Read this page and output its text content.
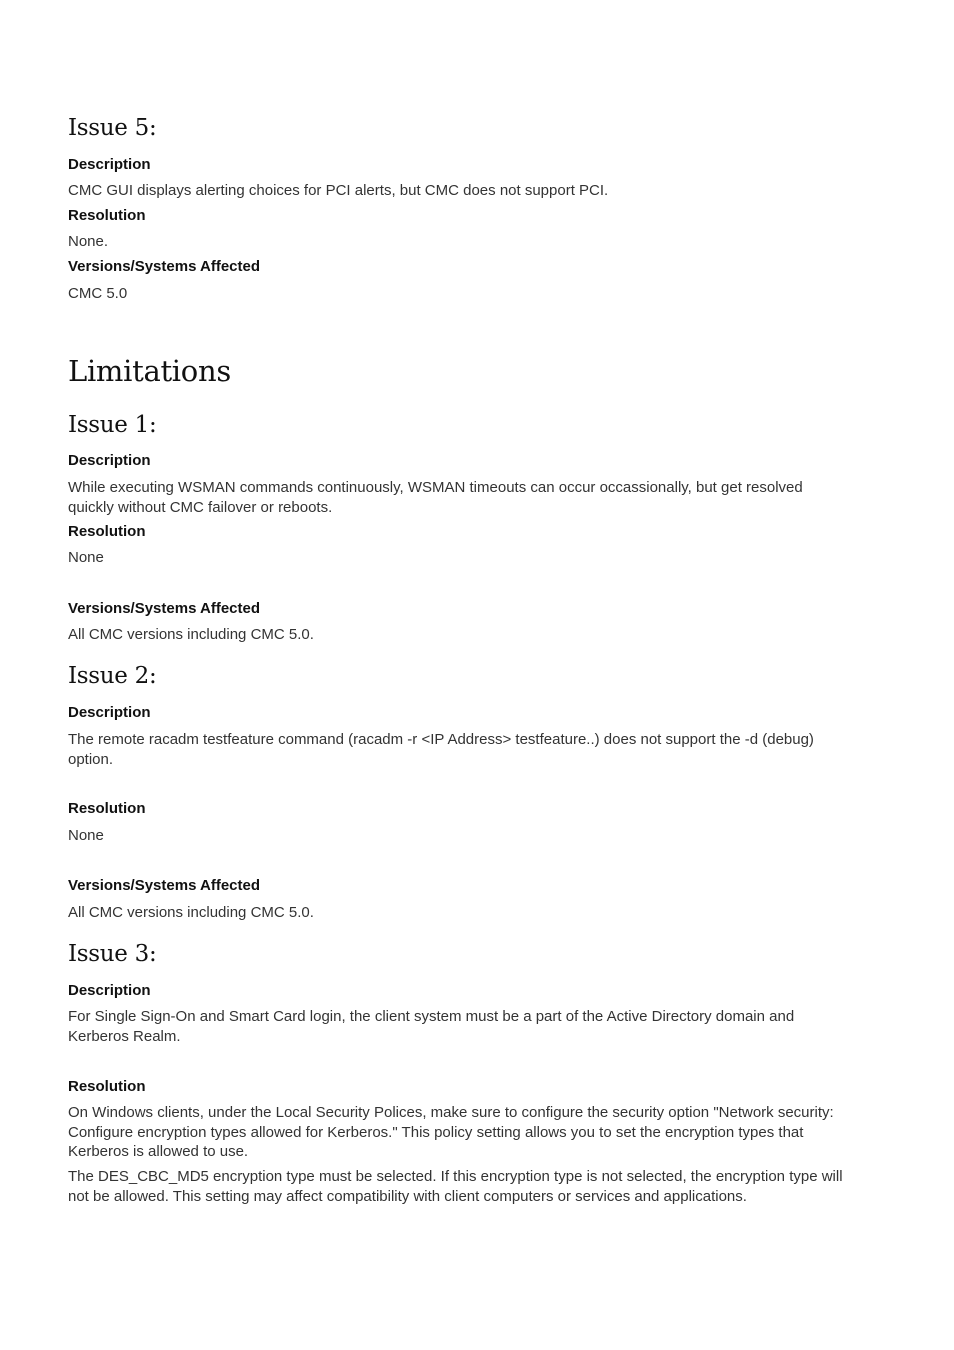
Issue 5:
Description
CMC GUI displays alerting choices for PCI alerts, but CMC does not support PCI.
Resolution
None.
Versions/Systems Affected
CMC 5.0
Limitations
Issue 1:
Description
While executing WSMAN commands continuously, WSMAN timeouts can occur occassionally, but get resolved quickly without CMC failover or reboots.
Resolution
None
Versions/Systems Affected
All CMC versions including CMC 5.0.
Issue 2:
Description
The remote racadm testfeature command (racadm -r <IP Address> testfeature..) does not support the -d (debug) option.
Resolution
None
Versions/Systems Affected
All CMC versions including CMC 5.0.
Issue 3:
Description
For Single Sign-On and Smart Card login, the client system must be a part of the Active Directory domain and Kerberos Realm.
Resolution
On Windows clients, under the Local Security Polices, make sure to configure the security option "Network security: Configure encryption types allowed for Kerberos." This policy setting allows you to set the encryption types that Kerberos is allowed to use.
The DES_CBC_MD5 encryption type must be selected. If this encryption type is not selected, the encryption type will not be allowed. This setting may affect compatibility with client computers or services and applications.
